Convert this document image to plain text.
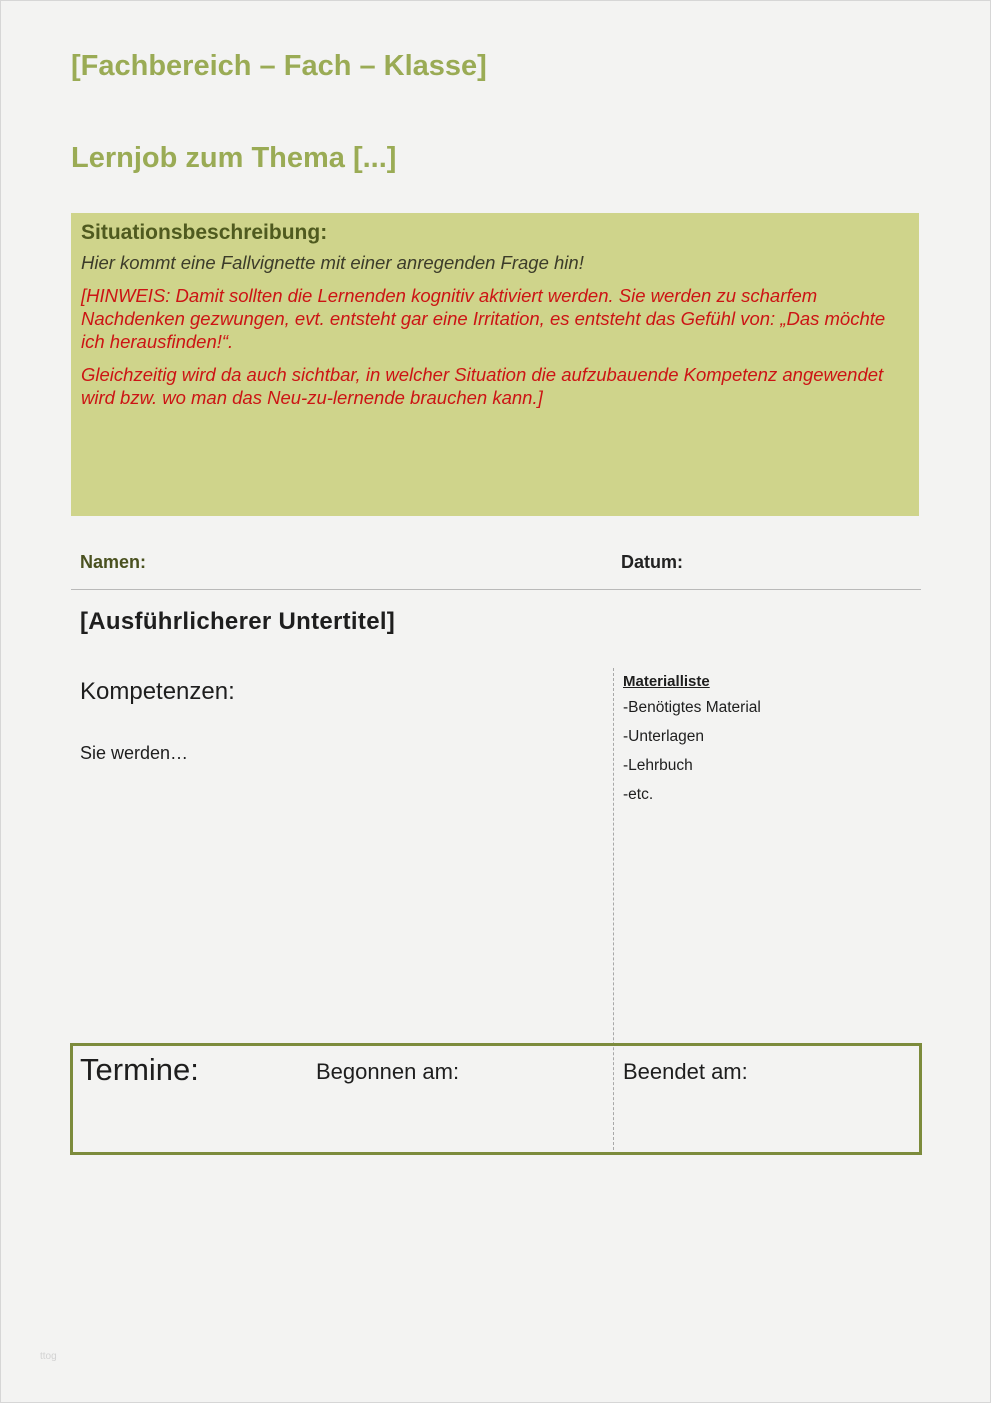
[Fachbereich – Fach – Klasse]
Lernjob zum Thema [...]
Situationsbeschreibung:
Hier kommt eine Fallvignette mit einer anregenden Frage hin!
[HINWEIS: Damit sollten die Lernenden kognitiv aktiviert werden. Sie werden zu scharfem Nachdenken gezwungen, evt. entsteht gar eine Irritation, es entsteht das Gefühl von: „Das möchte ich herausfinden!“.
Gleichzeitig wird da auch sichtbar, in welcher Situation die aufzubauende Kompetenz angewendet wird bzw. wo man das Neu-zu-lernende brauchen kann.]
Namen:	Datum:
[Ausführlicherer Untertitel]
Kompetenzen:
Sie werden…
Materialliste
-Benötigtes Material
-Unterlagen
-Lehrbuch
-etc.
Termine:	Begonnen am:	Beendet am:
ttog
